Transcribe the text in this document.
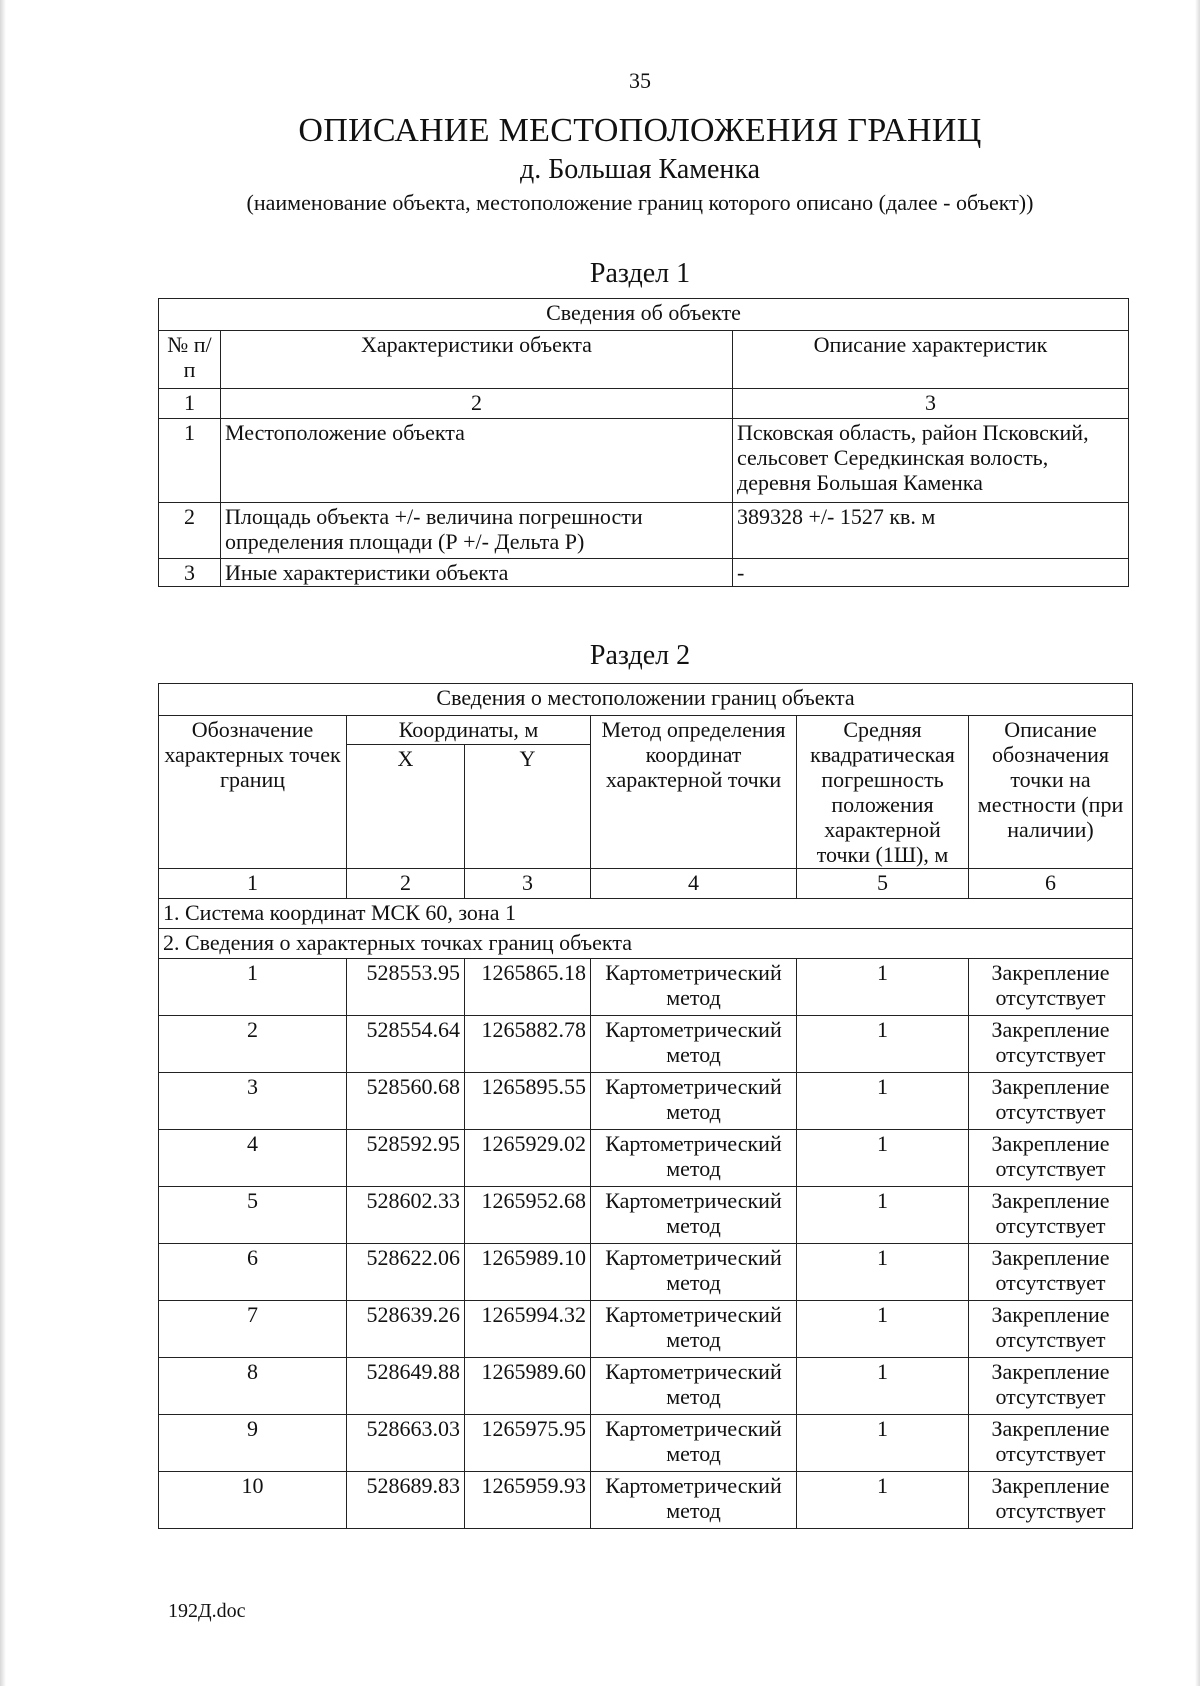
35
ОПИСАНИЕ МЕСТОПОЛОЖЕНИЯ ГРАНИЦ
д. Большая Каменка
(наименование объекта, местоположение границ которого описано (далее - объект))
Раздел 1
Сведения об объекте		
№ п/п	Характеристики объекта	Описание характеристик
1	2	3
1	Местоположение объекта	Псковская область, район Псковский, сельсовет Середкинская волость, деревня Большая Каменка
2	Площадь объекта +/- величина погрешности определения площади (Р +/- Дельта Р)	389328 +/- 1527 кв. м
3	Иные характеристики объекта	-
Раздел 2
Сведения о местоположении границ объекта					
Обозначение характерных точек границ	Координаты, м		Метод определения координат характерной точки	Средняя квадратическая погрешность положения характерной точки (1Ш), м	Описание обозначения точки на местности (при наличии)
	X	Y			
1	2	3	4	5	6
1. Система координат МСК 60, зона 1					
2. Сведения о характерных точках границ объекта					
1	528553.95	1265865.18	Картометрический метод	1	Закрепление отсутствует
2	528554.64	1265882.78	Картометрический метод	1	Закрепление отсутствует
3	528560.68	1265895.55	Картометрический метод	1	Закрепление отсутствует
4	528592.95	1265929.02	Картометрический метод	1	Закрепление отсутствует
5	528602.33	1265952.68	Картометрический метод	1	Закрепление отсутствует
6	528622.06	1265989.10	Картометрический метод	1	Закрепление отсутствует
7	528639.26	1265994.32	Картометрический метод	1	Закрепление отсутствует
8	528649.88	1265989.60	Картометрический метод	1	Закрепление отсутствует
9	528663.03	1265975.95	Картометрический метод	1	Закрепление отсутствует
10	528689.83	1265959.93	Картометрический метод	1	Закрепление отсутствует
192Д.doc
